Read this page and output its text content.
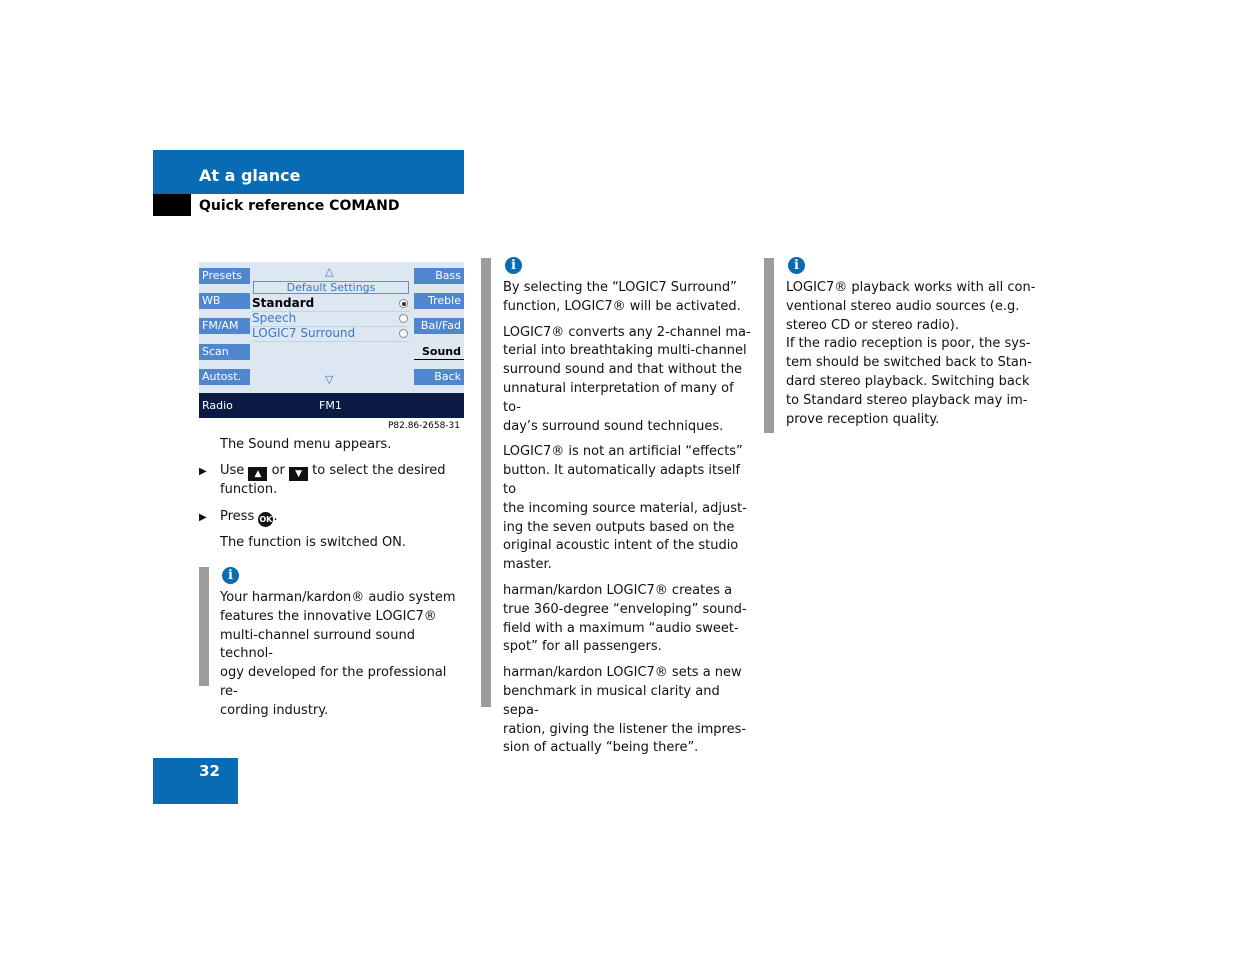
At a glance
Quick reference COMAND
Presets
WB
FM/AM
Scan
Autost.
Bass
Treble
Bal/Fad
Sound
Back
△
Default Settings
Standard
Speech
LOGIC7 Surround
▽
Radio	FM1
P82.86-2658-31
The Sound menu appears.
▶ Use ▲ or ▼ to select the desired
function.
▶ Press OK.
The function is switched ON.
i

Your harman/kardon® audio system

features the innovative LOGIC7®

multi-channel surround sound technol-

ogy developed for the professional re-

cording industry.

i

By selecting the “LOGIC7 Surround”

function, LOGIC7® will be activated.

LOGIC7® converts any 2-channel ma-

terial into breathtaking multi-channel

surround sound and that without the

unnatural interpretation of many of to-

day’s surround sound techniques.

LOGIC7® is not an artificial “effects”

button. It automatically adapts itself to

the incoming source material, adjust-

ing the seven outputs based on the

original acoustic intent of the studio

master.

harman/kardon LOGIC7® creates a

true 360-degree “enveloping” sound-

field with a maximum “audio sweet-

spot” for all passengers.

harman/kardon LOGIC7® sets a new

benchmark in musical clarity and sepa-

ration, giving the listener the impres-

sion of actually “being there”.

i

LOGIC7® playback works with all con-

ventional stereo audio sources (e.g.

stereo CD or stereo radio).

If the radio reception is poor, the sys-

tem should be switched back to Stan-

dard stereo playback. Switching back

to Standard stereo playback may im-

prove reception quality.

32
